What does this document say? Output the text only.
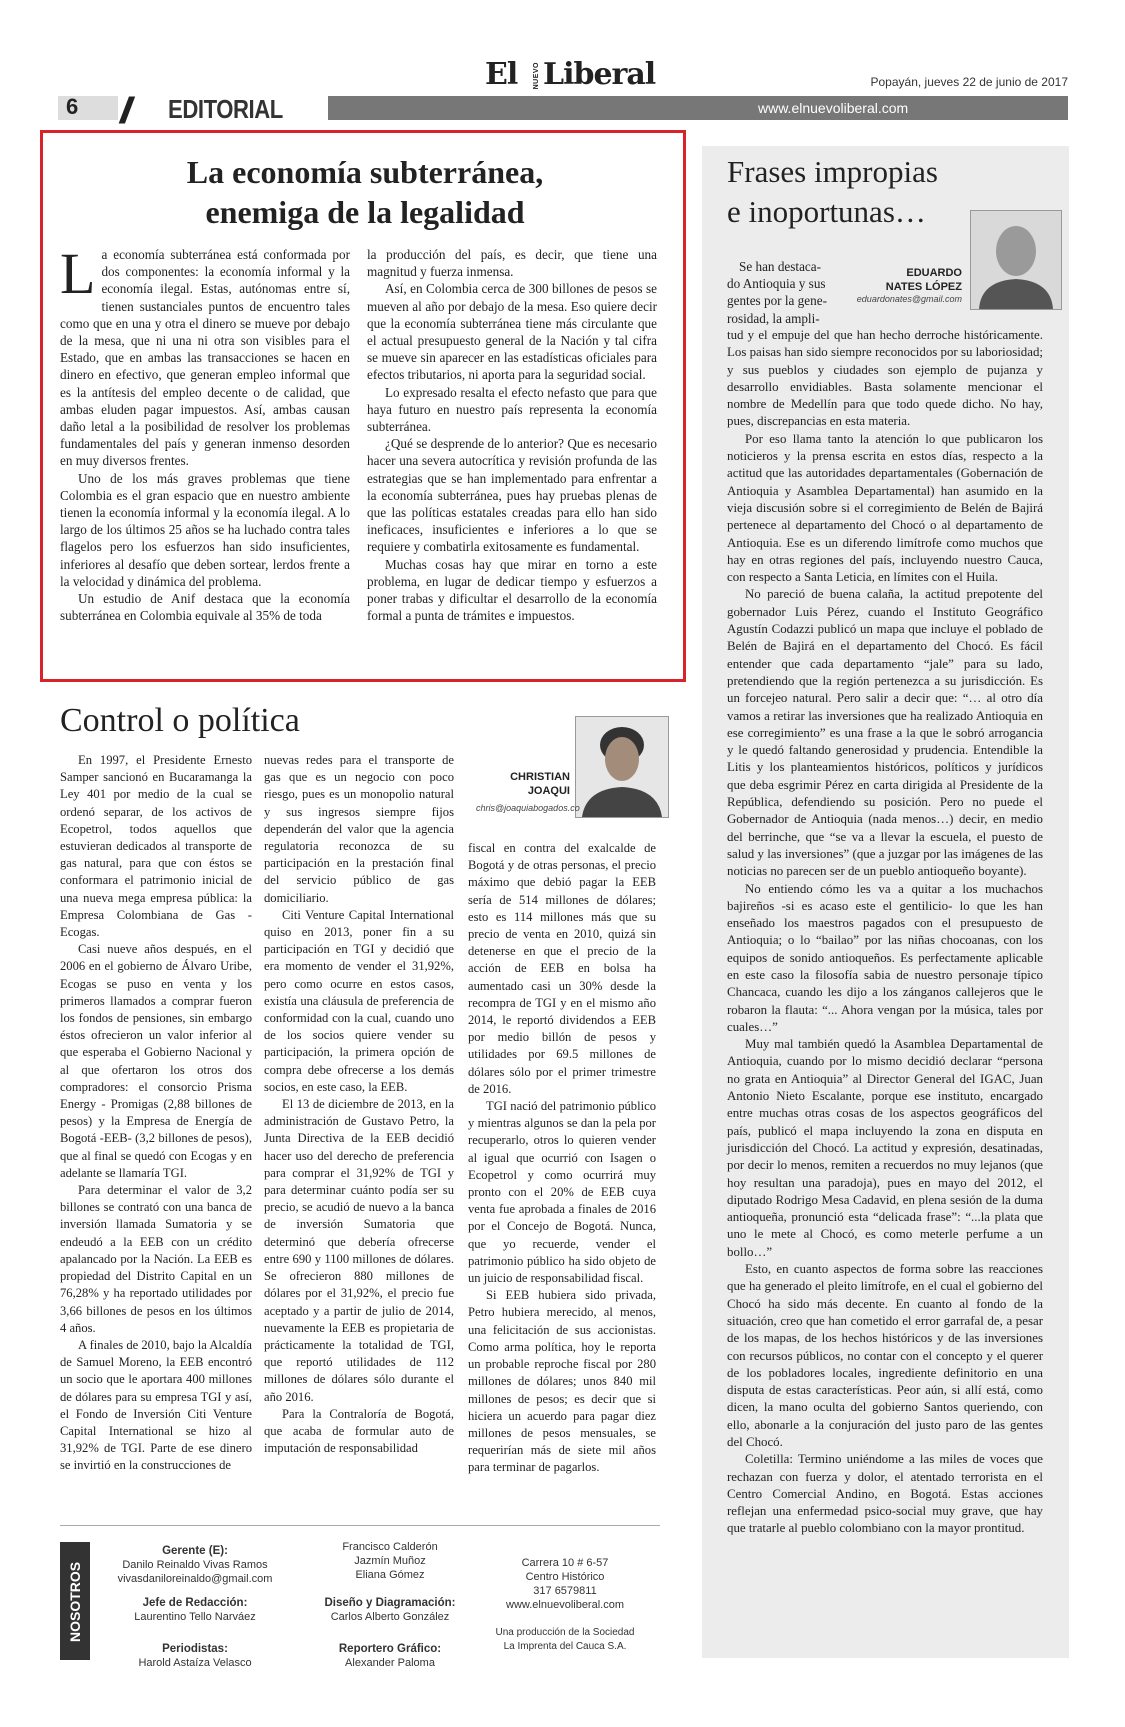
El NUEVO Liberal	Popayán, jueves 22 de junio de 2017
www.elnuevoliberal.com
6 // EDITORIAL
La economía subterránea,
enemiga de la legalidad

La economía subterránea está conformada por dos componentes: la economía informal y la economía ilegal. Estas, autónomas entre sí, tienen sustanciales puntos de encuentro tales como que en una y otra el dinero se mueve por debajo de la mesa, que ni una ni otra son visibles para el Estado, que en ambas las transacciones se hacen en dinero en efectivo, que generan empleo informal que es la antítesis del empleo decente o de calidad, que ambas eluden pagar impuestos. Así, ambas causan daño letal a la posibilidad de resolver los problemas fundamentales del país y generan inmenso desorden en muy diversos frentes.

Uno de los más graves problemas que tiene Colombia es el gran espacio que en nuestro ambiente tienen la economía informal y la economía ilegal. A lo largo de los últimos 25 años se ha luchado contra tales flagelos pero los esfuerzos han sido insuficientes, inferiores al desafío que deben sortear, lerdos frente a la velocidad y dinámica del problema.

Un estudio de Anif destaca que la economía subterránea en Colombia equivale al 35% de toda

la producción del país, es decir, que tiene una magnitud y fuerza inmensa.

Así, en Colombia cerca de 300 billones de pesos se mueven al año por debajo de la mesa. Eso quiere decir que la economía subterránea tiene más circulante que el actual presupuesto general de la Nación y tal cifra se mueve sin aparecer en las estadísticas oficiales para efectos tributarios, ni aporta para la seguridad social.

Lo expresado resalta el efecto nefasto que para que haya futuro en nuestro país representa la economía subterránea.

¿Qué se desprende de lo anterior? Que es necesario hacer una severa autocrítica y revisión profunda de las estrategias que se han implementado para enfrentar a la economía subterránea, pues hay pruebas plenas de que las políticas estatales creadas para ello han sido ineficaces, insuficientes e inferiores a lo que se requiere y combatirla exitosamente es fundamental.

Muchas cosas hay que mirar en torno a este problema, en lugar de dedicar tiempo y esfuerzos a poner trabas y dificultar el desarrollo de la economía formal a punta de trámites e impuestos.

Frases impropias
e inoportunas…
EDUARDO
NATES LÓPEZ
eduardonates@gmail.com
Se han destaca-
do Antioquia y sus
gentes por la gene-
rosidad, la ampli-

tud y el empuje del que han hecho derroche históricamente. Los paisas han sido siempre reconocidos por su laboriosidad; y sus pueblos y ciudades son ejemplo de pujanza y desarrollo envidiables. Basta solamente mencionar el nombre de Medellín para que todo quede dicho. No hay, pues, discrepancias en esta materia.

Por eso llama tanto la atención lo que publicaron los noticieros y la prensa escrita en estos días, respecto a la actitud que las autoridades departamentales (Gobernación de Antioquia y Asamblea Departamental) han asumido en la vieja discusión sobre si el corregimiento de Belén de Bajirá pertenece al departamento del Chocó o al departamento de Antioquia. Ese es un diferendo limítrofe como muchos que hay en otras regiones del país, incluyendo nuestro Cauca, con respecto a Santa Leticia, en límites con el Huila.

No pareció de buena calaña, la actitud prepotente del gobernador Luis Pérez, cuando el Instituto Geográfico Agustín Codazzi publicó un mapa que incluye el poblado de Belén de Bajirá en el departamento del Chocó. Es fácil entender que cada departamento “jale” para su lado, pretendiendo que la región pertenezca a su jurisdicción. Es un forcejeo natural. Pero salir a decir que: “… al otro día vamos a retirar las inversiones que ha realizado Antioquia en ese corregimiento” es una frase a la que le sobró arrogancia y le quedó faltando generosidad y prudencia. Entendible la Litis y los planteamientos históricos, políticos y jurídicos que deba esgrimir Pérez en carta dirigida al Presidente de la República, defendiendo su posición. Pero no puede el Gobernador de Antioquia (nada menos…) decir, en medio del berrinche, que “se va a llevar la escuela, el puesto de salud y las inversiones” (que a juzgar por las imágenes de las noticias no parecen ser de un pueblo antioqueño boyante).

No entiendo cómo les va a quitar a los muchachos bajireños -si es acaso este el gentilicio- lo que les han enseñado los maestros pagados con el presupuesto de Antioquia; o lo “bailao” por las niñas chocoanas, con los equipos de sonido antioqueños. Es perfectamente aplicable en este caso la filosofía sabia de nuestro personaje típico Chancaca, cuando les dijo a los zánganos callejeros que le robaron la flauta: “... Ahora vengan por la música, tales por cuales…”

Muy mal también quedó la Asamblea Departamental de Antioquia, cuando por lo mismo decidió declarar “persona no grata en Antioquia” al Director General del IGAC, Juan Antonio Nieto Escalante, porque ese instituto, encargado entre muchas otras cosas de los aspectos geográficos del país, publicó el mapa incluyendo la zona en disputa en jurisdicción del Chocó. La actitud y expresión, desatinadas, por decir lo menos, remiten a recuerdos no muy lejanos (que hoy resultan una paradoja), pues en mayo del 2012, el diputado Rodrigo Mesa Cadavid, en plena sesión de la duma antioqueña, pronunció esta “delicada frase”: “...la plata que uno le mete al Chocó, es como meterle perfume a un bollo…”

Esto, en cuanto aspectos de forma sobre las reacciones que ha generado el pleito limítrofe, en el cual el gobierno del Chocó ha sido más decente. En cuanto al fondo de la situación, creo que han cometido el error garrafal de, a pesar de los mapas, de los hechos históricos y de las inversiones con recursos públicos, no contar con el concepto y el querer de los pobladores locales, ingrediente definitorio en una disputa de estas características. Peor aún, si allí está, como dicen, la mano oculta del gobierno Santos queriendo, con ello, abonarle a la conjuración del justo paro de las gentes del Chocó.

Coletilla: Termino uniéndome a las miles de voces que rechazan con fuerza y dolor, el atentado terrorista en el Centro Comercial Andino, en Bogotá. Estas acciones reflejan una enfermedad psico-social muy grave, que hay que tratarle al pueblo colombiano con la mayor prontitud.

Control o política
CHRISTIAN
JOAQUI
chris@joaquiabogados.co

En 1997, el Presidente Ernesto Samper sancionó en Bucaramanga la Ley 401 por medio de la cual se ordenó separar, de los activos de Ecopetrol, todos aquellos que estuvieran dedicados al transporte de gas natural, para que con éstos se conformara el patrimonio inicial de una nueva mega empresa pública: la Empresa Colombiana de Gas - Ecogas.

Casi nueve años después, en el 2006 en el gobierno de Álvaro Uribe, Ecogas se puso en venta y los primeros llamados a comprar fueron los fondos de pensiones, sin embargo éstos ofrecieron un valor inferior al que esperaba el Gobierno Nacional y al que ofertaron los otros dos compradores: el consorcio Prisma Energy - Promigas (2,88 billones de pesos) y la Empresa de Energía de Bogotá -EEB- (3,2 billones de pesos), que al final se quedó con Ecogas y en adelante se llamaría TGI.

Para determinar el valor de 3,2 billones se contrató con una banca de inversión llamada Sumatoria y se endeudó a la EEB con un crédito apalancado por la Nación. La EEB es propiedad del Distrito Capital en un 76,28% y ha reportado utilidades por 3,66 billones de pesos en los últimos 4 años.

A finales de 2010, bajo la Alcaldía de Samuel Moreno, la EEB encontró un socio que le aportara 400 millones de dólares para su empresa TGI y así, el Fondo de Inversión Citi Venture Capital International se hizo al 31,92% de TGI. Parte de ese dinero se invirtió en la construcciones de

nuevas redes para el transporte de gas que es un negocio con poco riesgo, pues es un monopolio natural y sus ingresos siempre fijos dependerán del valor que la agencia regulatoria reconozca de su participación en la prestación final del servicio público de gas domiciliario.

Citi Venture Capital International quiso en 2013, poner fin a su participación en TGI y decidió que era momento de vender el 31,92%, pero como ocurre en estos casos, existía una cláusula de preferencia de conformidad con la cual, cuando uno de los socios quiere vender su participación, la primera opción de compra debe ofrecerse a los demás socios, en este caso, la EEB.

El 13 de diciembre de 2013, en la administración de Gustavo Petro, la Junta Directiva de la EEB decidió hacer uso del derecho de preferencia para comprar el 31,92% de TGI y para determinar cuánto podía ser su precio, se acudió de nuevo a la banca de inversión Sumatoria que determinó que debería ofrecerse entre 690 y 1100 millones de dólares. Se ofrecieron 880 millones de dólares por el 31,92%, el precio fue aceptado y a partir de julio de 2014, nuevamente la EEB es propietaria de prácticamente la totalidad de TGI, que reportó utilidades de 112 millones de dólares sólo durante el año 2016.

Para la Contraloría de Bogotá, que acaba de formular auto de imputación de responsabilidad

fiscal en contra del exalcalde de Bogotá y de otras personas, el precio máximo que debió pagar la EEB sería de 514 millones de dólares; esto es 114 millones más que su precio de venta en 2010, quizá sin detenerse en que el precio de la acción de EEB en bolsa ha aumentado casi un 30% desde la recompra de TGI y en el mismo año 2014, le reportó dividendos a EEB por medio billón de pesos y utilidades por 69.5 millones de dólares sólo por el primer trimestre de 2016.

TGI nació del patrimonio público y mientras algunos se dan la pela por recuperarlo, otros lo quieren vender al igual que ocurrió con Isagen o Ecopetrol y como ocurrirá muy pronto con el 20% de EEB cuya venta fue aprobada a finales de 2016 por el Concejo de Bogotá. Nunca, que yo recuerde, vender el patrimonio público ha sido objeto de un juicio de responsabilidad fiscal.

Si EEB hubiera sido privada, Petro hubiera merecido, al menos, una felicitación de sus accionistas. Como arma política, hoy le reporta un probable reproche fiscal por 280 millones de dólares; unos 840 mil millones de pesos; es decir que si hiciera un acuerdo para pagar diez millones de pesos mensuales, se requerirían más de siete mil años para terminar de pagarlos.

NOSOTROS
Gerente (E):
Danilo Reinaldo Vivas Ramos
vivasdaniloreinaldo@gmail.com
Jefe de Redacción:
Laurentino Tello Narváez
Periodistas:
Harold Astaíza Velasco
Francisco Calderón
Jazmín Muñoz
Eliana Gómez
Diseño y Diagramación:
Carlos Alberto González
Reportero Gráfico:
Alexander Paloma
Carrera 10 # 6-57
Centro Histórico
317 6579811
www.elnuevoliberal.com
Una producción de la Sociedad
La Imprenta del Cauca S.A.
